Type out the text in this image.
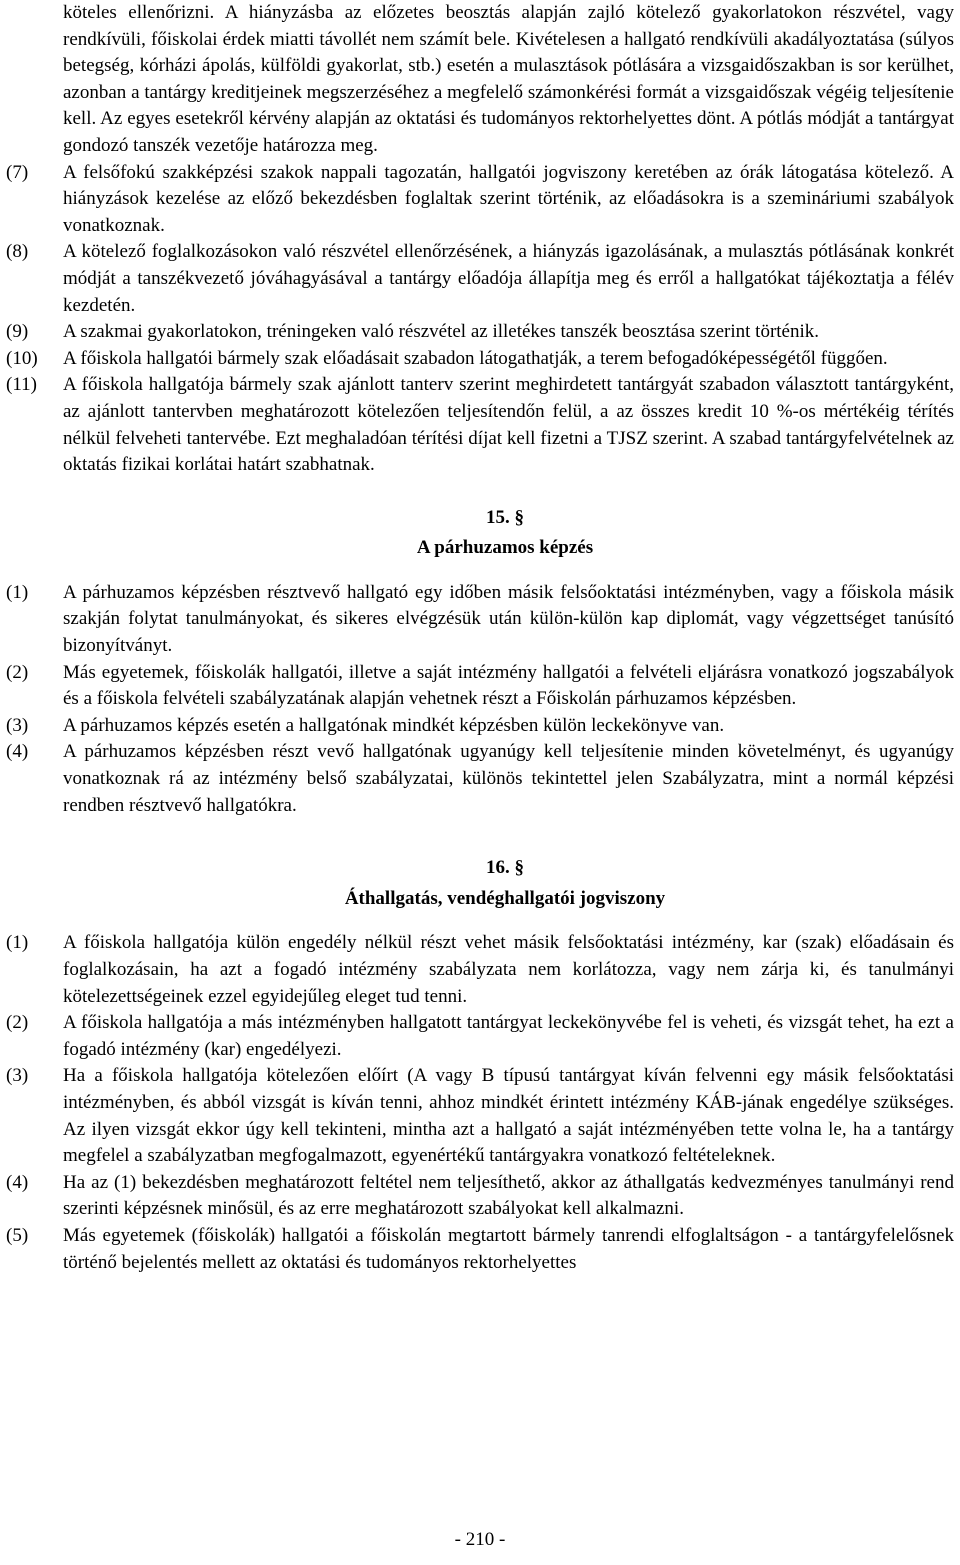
köteles ellenőrizni. A hiányzásba az előzetes beosztás alapján zajló kötelező gyakorlatokon részvétel, vagy rendkívüli, főiskolai érdek miatti távollét nem számít bele. Kivételesen a hallgató rendkívüli akadályoztatása (súlyos betegség, kórházi ápolás, külföldi gyakorlat, stb.) esetén a mulasztások pótlására a vizsgaidőszakban is sor kerülhet, azonban a tantárgy kreditjeinek megszerzéséhez a megfelelő számonkérési formát a vizsgaidőszak végéig teljesítenie kell. Az egyes esetekről kérvény alapján az oktatási és tudományos rektorhelyettes dönt. A pótlás módját a tantárgyat gondozó tanszék vezetője határozza meg.

(7) A felsőfokú szakképzési szakok nappali tagozatán, hallgatói jogviszony keretében az órák látogatása kötelező. A hiányzások kezelése az előző bekezdésben foglaltak szerint történik, az előadásokra is a szemináriumi szabályok vonatkoznak.
(8) A kötelező foglalkozásokon való részvétel ellenőrzésének, a hiányzás igazolásának, a mulasztás pótlásának konkrét módját a tanszékvezető jóváhagyásával a tantárgy előadója állapítja meg és erről a hallgatókat tájékoztatja a félév kezdetén.
(9) A szakmai gyakorlatokon, tréningeken való részvétel az illetékes tanszék beosztása szerint történik.
(10) A főiskola hallgatói bármely szak előadásait szabadon látogathatják, a terem befogadóképességétől függően.
(11) A főiskola hallgatója bármely szak ajánlott tanterv szerint meghirdetett tantárgyát szabadon választott tantárgyként, az ajánlott tantervben meghatározott kötelezően teljesítendőn felül, a az összes kredit 10 %-os mértékéig térítés nélkül felveheti tantervébe. Ezt meghaladóan térítési díjat kell fizetni a TJSZ szerint. A szabad tantárgyfelvételnek az oktatás fizikai korlátai határt szabhatnak.

15. §

A párhuzamos képzés

(1) A párhuzamos képzésben résztvevő hallgató egy időben másik felsőoktatási intézményben, vagy a főiskola másik szakján folytat tanulmányokat, és sikeres elvégzésük után külön-külön kap diplomát, vagy végzettséget tanúsító bizonyítványt.
(2) Más egyetemek, főiskolák hallgatói, illetve a saját intézmény hallgatói a felvételi eljárásra vonatkozó jogszabályok és a főiskola felvételi szabályzatának alapján vehetnek részt a Főiskolán párhuzamos képzésben.
(3) A párhuzamos képzés esetén a hallgatónak mindkét képzésben külön leckekönyve van.
(4) A párhuzamos képzésben részt vevő hallgatónak ugyanúgy kell teljesítenie minden követelményt, és ugyanúgy vonatkoznak rá az intézmény belső szabályzatai, különös tekintettel jelen Szabályzatra, mint a normál képzési rendben résztvevő hallgatókra.

16. §

Áthallgatás, vendéghallgatói jogviszony

(1) A főiskola hallgatója külön engedély nélkül részt vehet másik felsőoktatási intézmény, kar (szak) előadásain és foglalkozásain, ha azt a fogadó intézmény szabályzata nem korlátozza, vagy nem zárja ki, és tanulmányi kötelezettségeinek ezzel egyidejűleg eleget tud tenni.
(2) A főiskola hallgatója a más intézményben hallgatott tantárgyat leckekönyvébe fel is veheti, és vizsgát tehet, ha ezt a fogadó intézmény (kar) engedélyezi.
(3) Ha a főiskola hallgatója kötelezően előírt (A vagy B típusú tantárgyat kíván felvenni egy másik felsőoktatási intézményben, és abból vizsgát is kíván tenni, ahhoz mindkét érintett intézmény KÁB-jának engedélye szükséges. Az ilyen vizsgát ekkor úgy kell tekinteni, mintha azt a hallgató a saját intézményében tette volna le, ha a tantárgy megfelel a szabályzatban megfogalmazott, egyenértékű tantárgyakra vonatkozó feltételeknek.
(4) Ha az (1) bekezdésben meghatározott feltétel nem teljesíthető, akkor az áthallgatás kedvezményes tanulmányi rend szerinti képzésnek minősül, és az erre meghatározott szabályokat kell alkalmazni.
(5) Más egyetemek (főiskolák) hallgatói a főiskolán megtartott bármely tanrendi elfoglaltságon - a tantárgyfelelősnek történő bejelentés mellett az oktatási és tudományos rektorhelyettes
- 210 -
